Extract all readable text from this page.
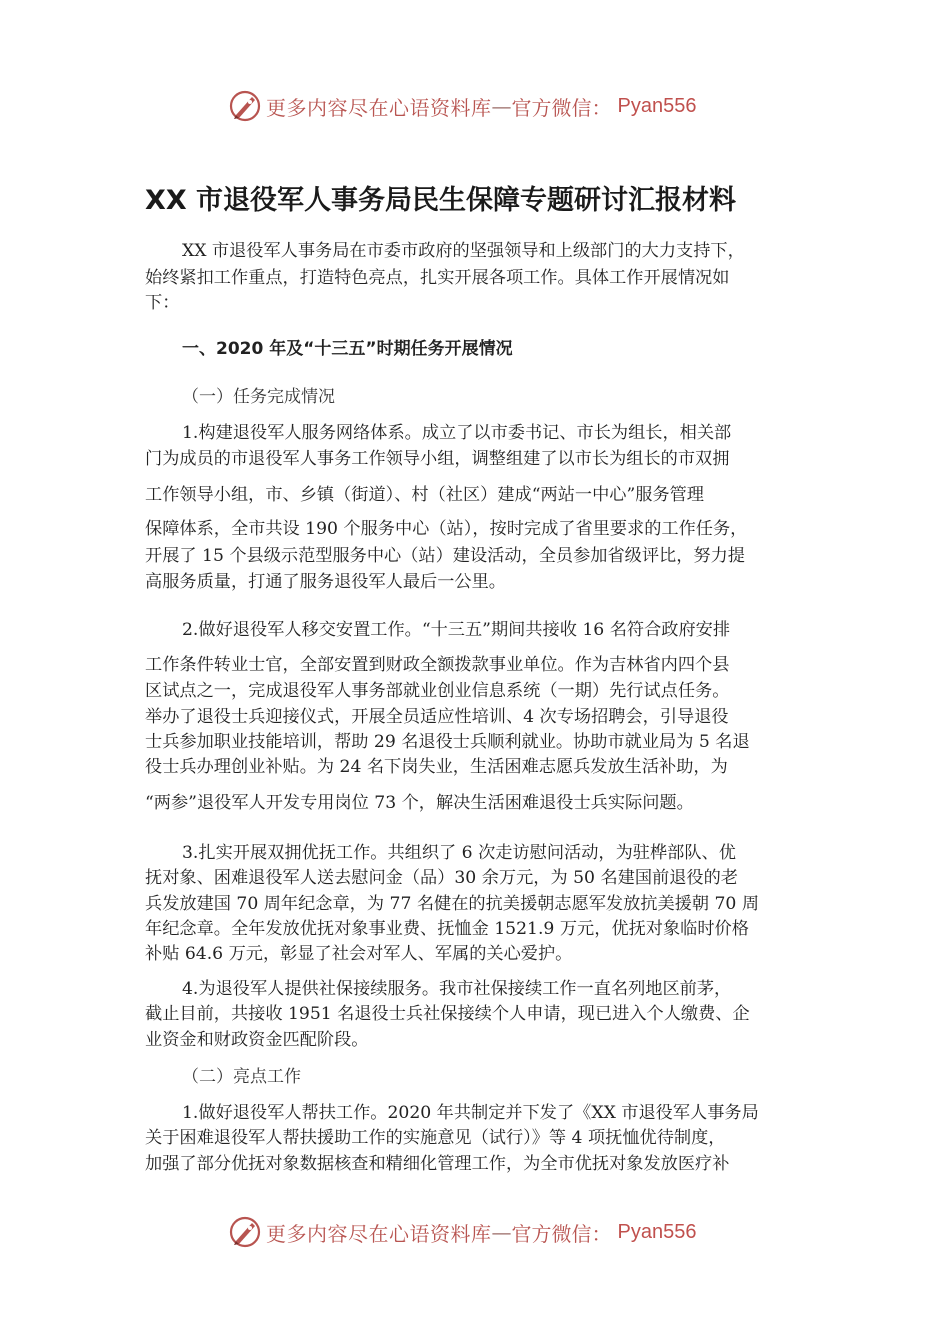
更多内容尽在心语资料库 — 官方微信： Pyan556
XX 市退役军人事务局民生保障专题研讨汇报材料

XX 市退役军人事务局在市委市政府的坚强领导和上级部门的大力支持下，

始终紧扣工作重点，打造特色亮点，扎实开展各项工作。具体工作开展情况如

下：

一、2020 年及“十三五”时期任务开展情况

（一）任务完成情况

1.构建退役军人服务网络体系。成立了以市委书记、市长为组长，相关部

门为成员的市退役军人事务工作领导小组，调整组建了以市长为组长的市双拥

工作领导小组，市、乡镇（街道）、村（社区）建成“两站一中心”服务管理

保障体系，全市共设 190 个服务中心（站），按时完成了省里要求的工作任务，

开展了 15 个县级示范型服务中心（站）建设活动，全员参加省级评比，努力提

高服务质量，打通了服务退役军人最后一公里。

2.做好退役军人移交安置工作。“十三五”期间共接收 16 名符合政府安排

工作条件转业士官，全部安置到财政全额拨款事业单位。作为吉林省内四个县

区试点之一，完成退役军人事务部就业创业信息系统（一期）先行试点任务。

举办了退役士兵迎接仪式，开展全员适应性培训、4 次专场招聘会，引导退役

士兵参加职业技能培训，帮助 29 名退役士兵顺利就业。协助市就业局为 5 名退

役士兵办理创业补贴。为 24 名下岗失业，生活困难志愿兵发放生活补助，为

“两参”退役军人开发专用岗位 73 个，解决生活困难退役士兵实际问题。

3.扎实开展双拥优抚工作。共组织了 6 次走访慰问活动，为驻桦部队、优

抚对象、困难退役军人送去慰问金（品）30 余万元，为 50 名建国前退役的老

兵发放建国 70 周年纪念章，为 77 名健在的抗美援朝志愿军发放抗美援朝 70 周

年纪念章。全年发放优抚对象事业费、抚恤金 1521.9 万元，优抚对象临时价格

补贴 64.6 万元，彰显了社会对军人、军属的关心爱护。

4.为退役军人提供社保接续服务。我市社保接续工作一直名列地区前茅，

截止目前，共接收 1951 名退役士兵社保接续个人申请，现已进入个人缴费、企

业资金和财政资金匹配阶段。

（二）亮点工作

1.做好退役军人帮扶工作。2020 年共制定并下发了《XX 市退役军人事务局

关于困难退役军人帮扶援助工作的实施意见（试行）》等 4 项抚恤优待制度，

加强了部分优抚对象数据核查和精细化管理工作，为全市优抚对象发放医疗补

更多内容尽在心语资料库 — 官方微信： Pyan556
